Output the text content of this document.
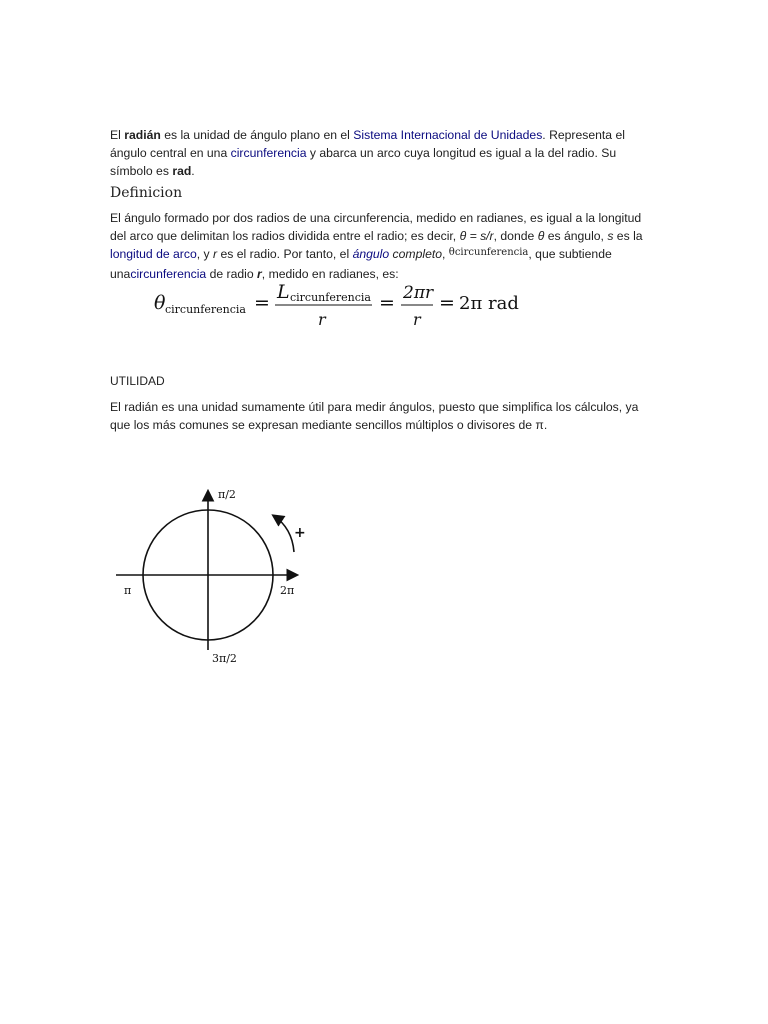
El radián es la unidad de ángulo plano en el Sistema Internacional de Unidades. Representa el ángulo central en una circunferencia y abarca un arco cuya longitud es igual a la del radio. Su símbolo es rad.

Definicion

El ángulo formado por dos radios de una circunferencia, medido en radianes, es igual a la longitud del arco que delimitan los radios dividida entre el radio; es decir, θ = s/r, donde θ es ángulo, s es la longitud de arco, y r es el radio. Por tanto, el ángulo completo, $^{\theta circunferencia}$, que subtiende unacircunferencia de radio r, medido en radianes, es:

θ circunferencia = L circunferencia
r
= 2πr
r
= 2π rad

UTILIDAD

El radián es una unidad sumamente útil para medir ángulos, puesto que simplifica los cálculos, ya que los más comunes se expresan mediante sencillos múltiplos o divisores de π.

π/2
π	2π
3π/2
+
